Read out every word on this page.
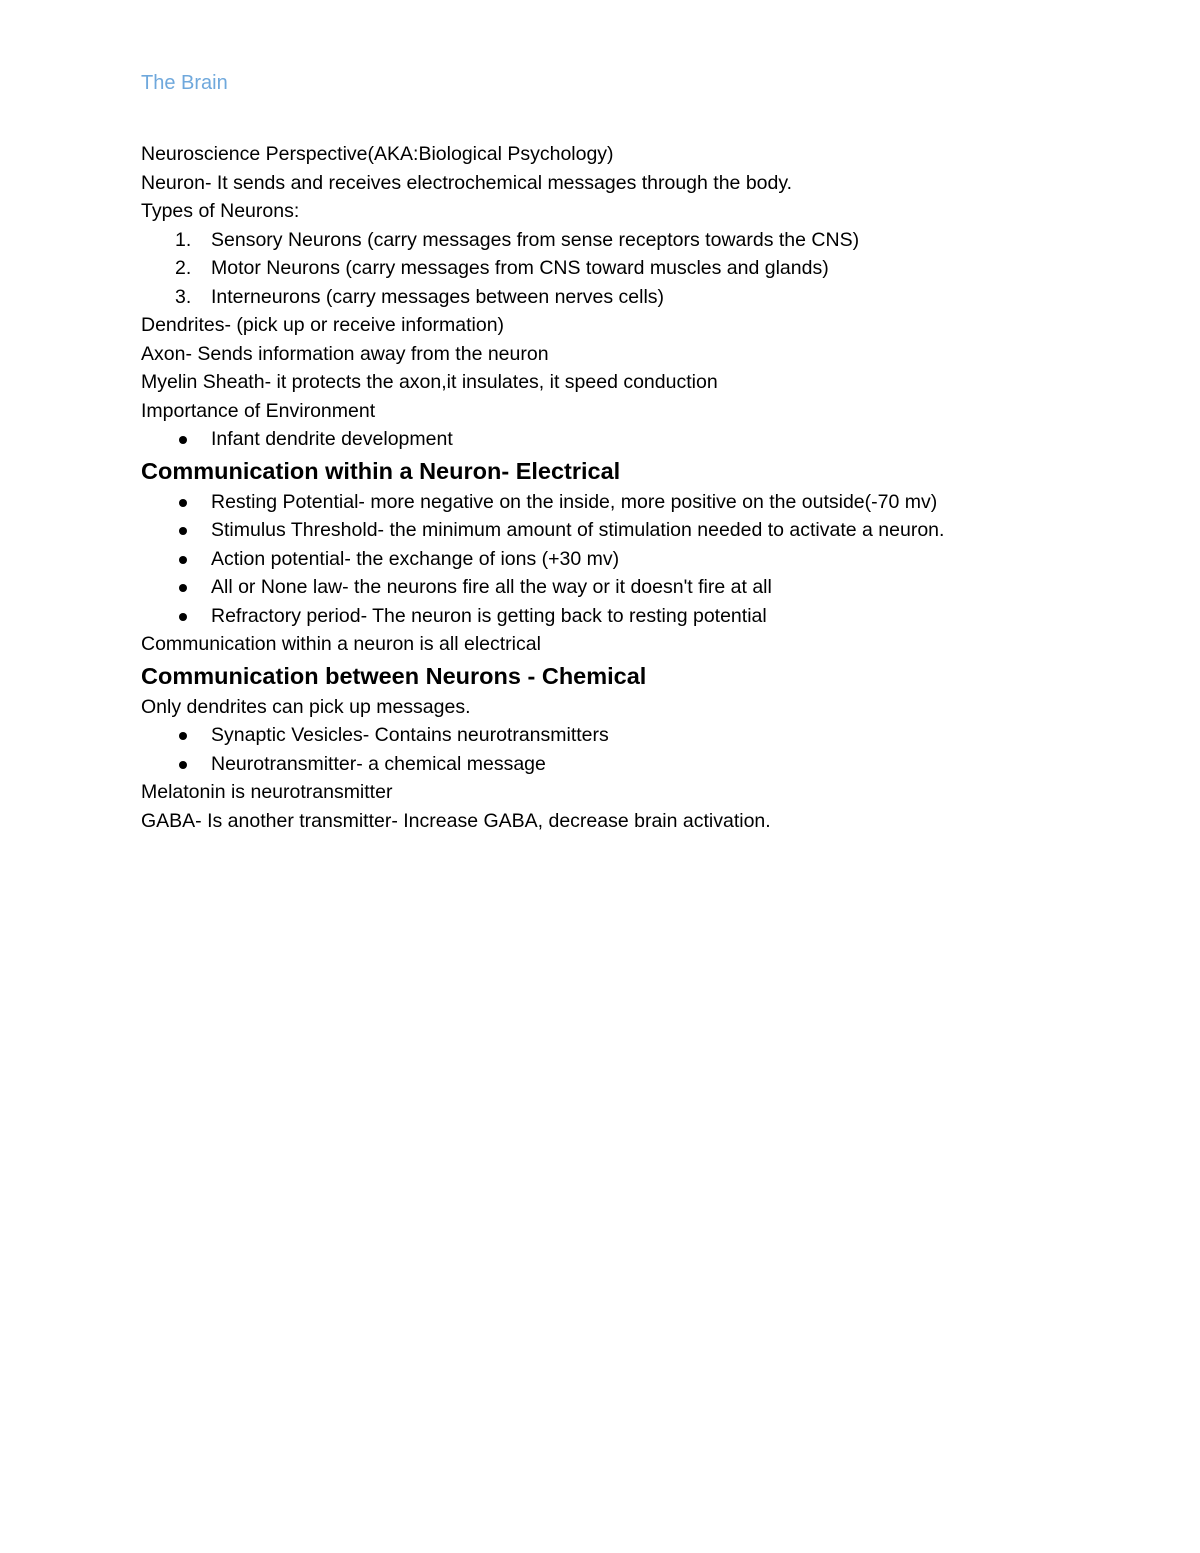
The Brain
Neuroscience Perspective(AKA:Biological Psychology)
Neuron- It sends and receives electrochemical messages through the body.
Types of Neurons:
1. Sensory Neurons (carry messages from sense receptors towards the CNS)
2. Motor Neurons (carry messages from CNS toward muscles and glands)
3. Interneurons (carry messages between nerves cells)
Dendrites- (pick up or receive information)
Axon- Sends information away from the neuron
Myelin Sheath- it protects the axon,it insulates, it speed conduction
Importance of Environment
Infant dendrite development
Communication within a Neuron- Electrical
Resting Potential- more negative on the inside, more positive on the outside(-70 mv)
Stimulus Threshold- the minimum amount of stimulation needed to activate a neuron.
Action potential- the exchange of ions (+30 mv)
All or None law- the neurons fire all the way or it doesn't fire at all
Refractory period- The neuron is getting back to resting potential
Communication within a neuron is all electrical
Communication between Neurons - Chemical
Only dendrites can pick up messages.
Synaptic Vesicles- Contains neurotransmitters
Neurotransmitter- a chemical message
Melatonin is neurotransmitter
GABA- Is another transmitter- Increase GABA, decrease brain activation.
